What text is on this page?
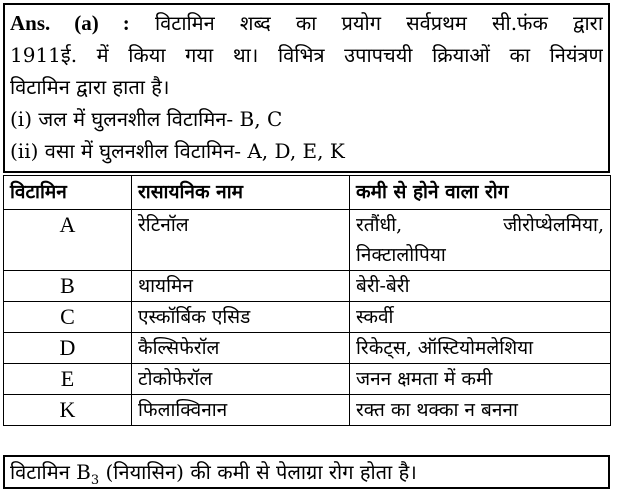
Ans. (a) : विटामिन शब्द का प्रयोग सर्वप्रथम सी.फंक द्वारा
1911ई. में किया गया था। विभित्र उपापचयी क्रियाओं का नियंत्रण
विटामिन द्वारा हाता है।
(i) जल में घुलनशील विटामिन- B, C
(ii) वसा में घुलनशील विटामिन- A, D, E, K
विटामिन	रासायनिक नाम	कमी से होने वाला रोग
A	रेटिनॉल	रतौंधी, जीरोप्थेलमिया,
निक्टालोपिया

B	थायमिन	बेरी-बेरी
C	एस्कॉर्बिक एसिड	स्कर्वी
D	कैल्सिफेरॉल	रिकेट्स, ऑस्टियोमलेशिया
E	टोकोफेरॉल	जनन क्षमता में कमी
K	फिलाक्विनान	रक्त का थक्का न बनना
विटामिन $B_3$ (नियासिन) की कमी से पेलाग्रा रोग होता है।
